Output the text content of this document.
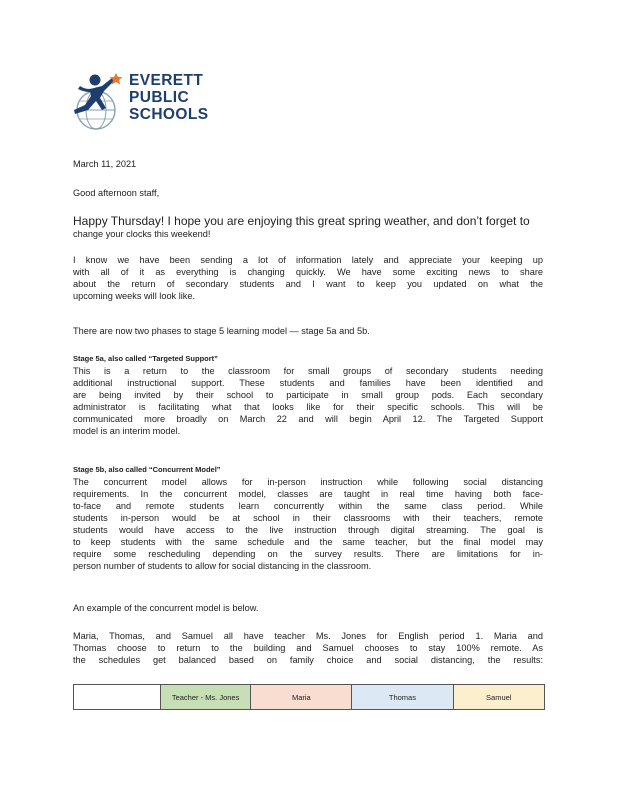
EVERETT
PUBLIC
SCHOOLS
March 11, 2021
Good afternoon staff,
Happy Thursday! I hope you are enjoying this great spring weather, and don’t forget to
change your clocks this weekend!
I know we have been sending a lot of information lately and appreciate your keeping up
with all of it as everything is changing quickly. We have some exciting news to share
about the return of secondary students and I want to keep you updated on what the
upcoming weeks will look like.
There are now two phases to stage 5 learning model — stage 5a and 5b.
Stage 5a, also called “Targeted Support”
This is a return to the classroom for small groups of secondary students needing
additional instructional support. These students and families have been identified and
are being invited by their school to participate in small group pods. Each secondary
administrator is facilitating what that looks like for their specific schools. This will be
communicated more broadly on March 22 and will begin April 12. The Targeted Support
model is an interim model.
Stage 5b, also called “Concurrent Model”
The concurrent model allows for in-person instruction while following social distancing
requirements. In the concurrent model, classes are taught in real time having both face-
to-face and remote students learn concurrently within the same class period. While
students in-person would be at school in their classrooms with their teachers, remote
students would have access to the live instruction through digital streaming. The goal is
to keep students with the same schedule and the same teacher, but the final model may
require some rescheduling depending on the survey results. There are limitations for in-
person number of students to allow for social distancing in the classroom.
An example of the concurrent model is below.
Maria, Thomas, and Samuel all have teacher Ms. Jones for English period 1. Maria and
Thomas choose to return to the building and Samuel chooses to stay 100% remote. As
the schedules get balanced based on family choice and social distancing, the results:
	Teacher - Ms. Jones	Maria	Thomas	Samuel
